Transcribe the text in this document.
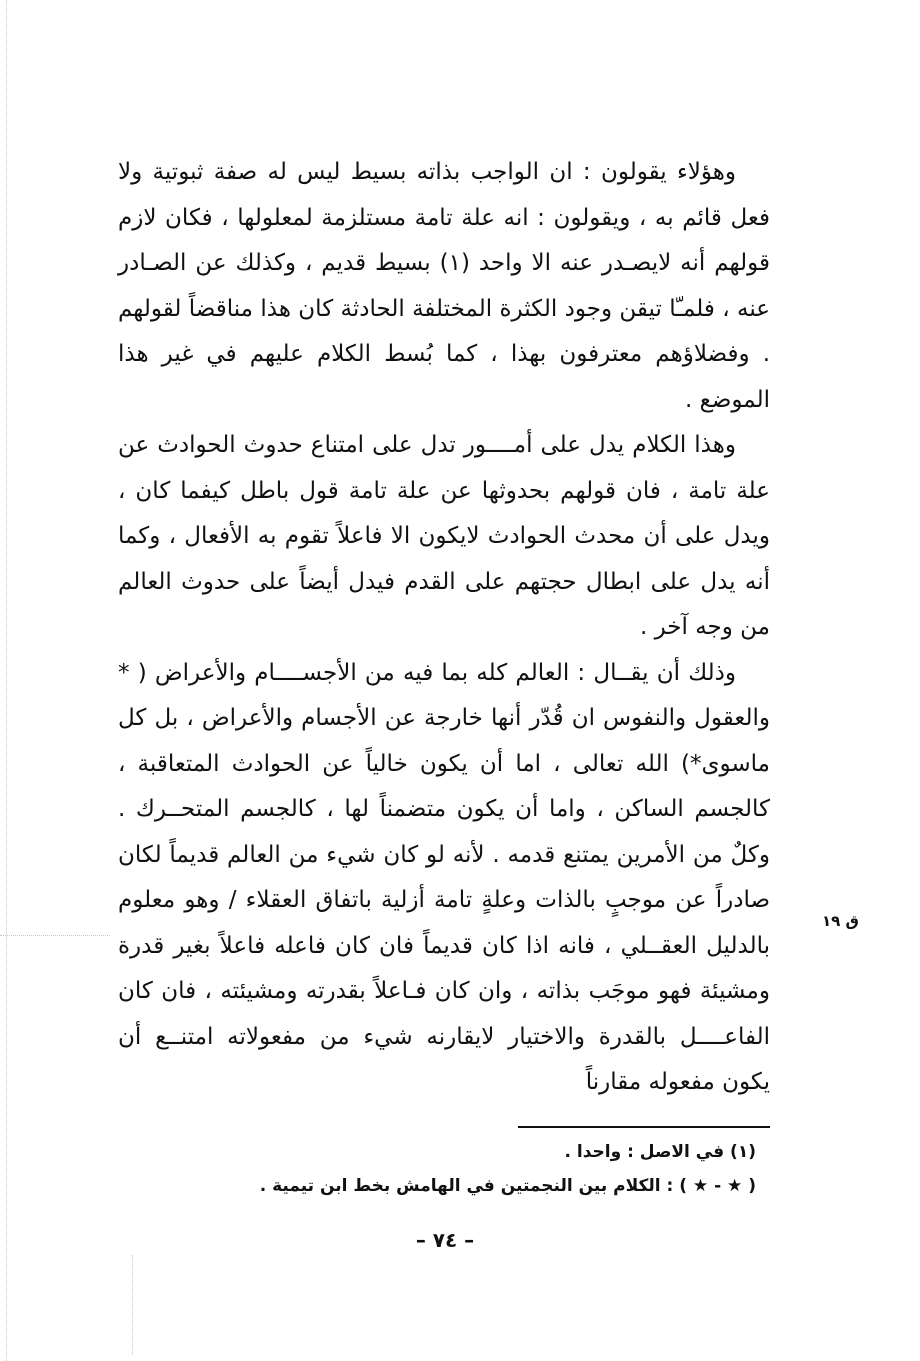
وهؤلاء يقولون : ان الواجب بذاته بسيط ليس له صفة ثبوتية ولا فعل قائم به ، ويقولون : انه علة تامة مستلزمة لمعلولها ، فكان لازم قولهم أنه لايصـدر عنه الا واحد (١) بسيط قديم ، وكذلك عن الصـادر عنه ، فلمـّا تيقن وجود الكثرة المختلفة الحادثة كان هذا مناقضاً لقولهم . وفضلاؤهم معترفون بهذا ، كما بُسط الكلام عليهم في غير هذا الموضع .

وهذا الكلام يدل على أمــــور تدل على امتناع حدوث الحوادث عن علة تامة ، فان قولهم بحدوثها عن علة تامة قول باطل كيفما كان ، ويدل على أن محدث الحوادث لايكون الا فاعلاً تقوم به الأفعال ، وكما أنه يدل على ابطال حجتهم على القدم فيدل أيضاً على حدوث العالم من وجه آخر .

وذلك أن يقــال : العالم كله بما فيه من الأجســــام والأعراض ( * والعقول والنفوس ان قُدّر أنها خارجة عن الأجسام والأعراض ، بل كل ماسوى*) الله تعالى ، اما أن يكون خالياً عن الحوادث المتعاقبة ، كالجسم الساكن ، واما أن يكون متضمناً لها ، كالجسم المتحــرك . وكلٌ من الأمرين يمتنع قدمه . لأنه لو كان شيء من العالم قديماً لكان صادراً عن موجبٍ بالذات وعلةٍ تامة أزلية باتفاق العقلاء / وهو معلوم بالدليل العقــلي ، فانه اذا كان قديماً فان كان فاعله فاعلاً بغير قدرة ومشيئة فهو موجَب بذاته ، وان كان فـاعلاً بقدرته ومشيئته ، فان كان الفاعــــل بالقدرة والاختيار لايقارنه شيء من مفعولاته امتنــع أن يكون مفعوله مقارناً

ق ١٩

(١) في الاصل : واحدا .

( ★ - ★ ) : الكلام بين النجمتين في الهامش بخط ابن تيمية .

– ٧٤ –
